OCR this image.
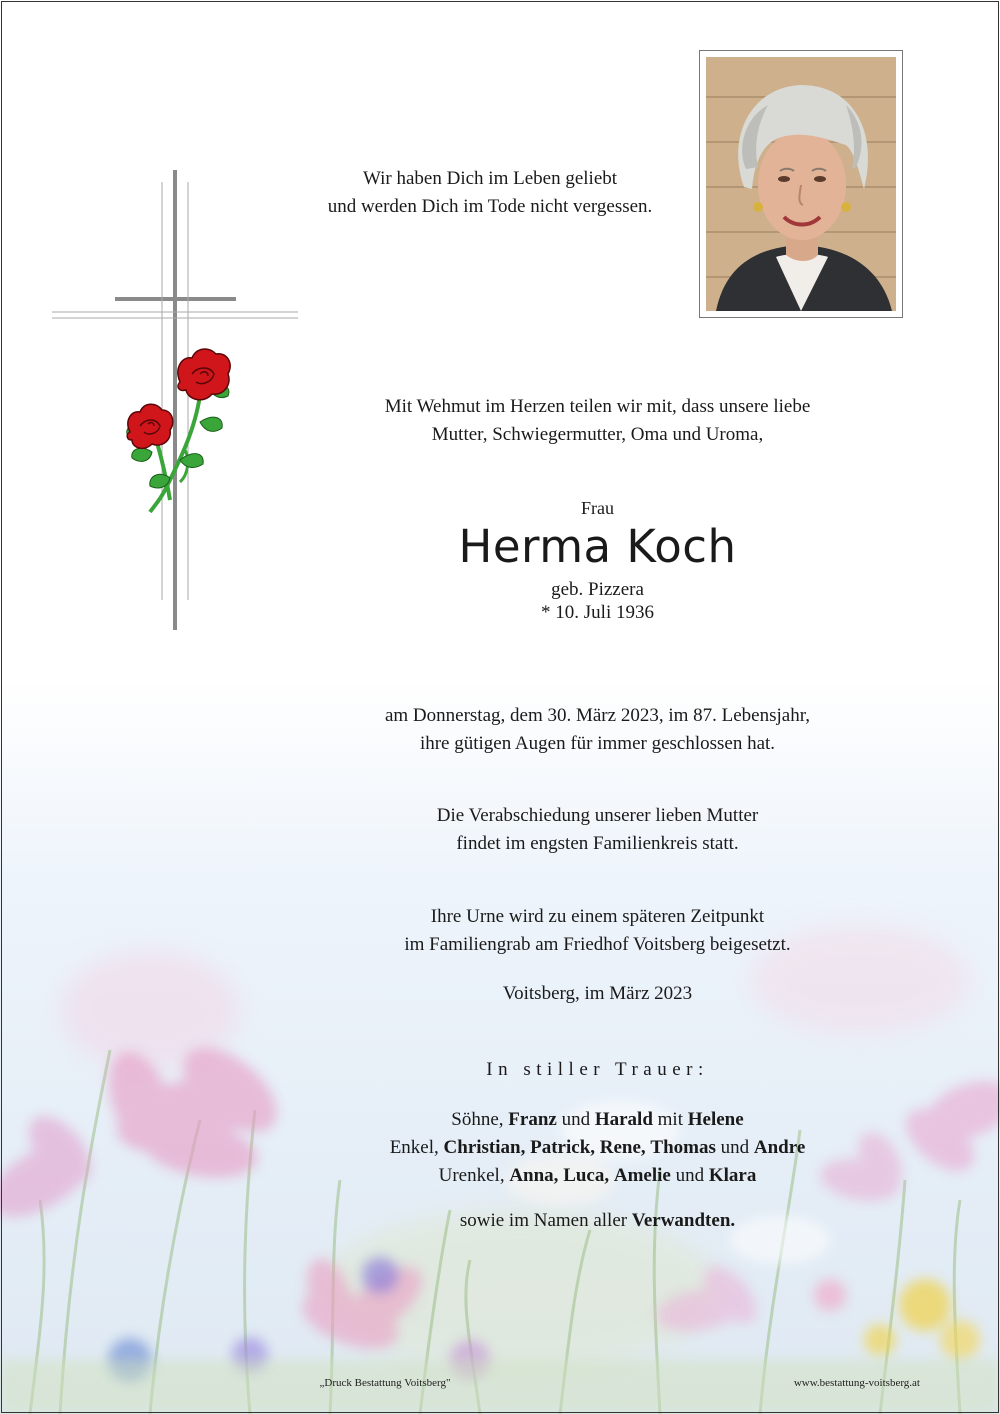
Wir haben Dich im Leben geliebt
und werden Dich im Tode nicht vergessen.
Mit Wehmut im Herzen teilen wir mit, dass unsere liebe
Mutter, Schwiegermutter, Oma und Uroma,
Frau
Herma Koch
geb. Pizzera
* 10. Juli 1936
am Donnerstag, dem 30. März 2023, im 87. Lebensjahr,
ihre gütigen Augen für immer geschlossen hat.
Die Verabschiedung unserer lieben Mutter
findet im engsten Familienkreis statt.
Ihre Urne wird zu einem späteren Zeitpunkt
im Familiengrab am Friedhof Voitsberg beigesetzt.
Voitsberg, im März 2023
In stiller Trauer:
Söhne, Franz und Harald mit Helene
Enkel, Christian, Patrick, Rene, Thomas und Andre
Urenkel, Anna, Luca, Amelie und Klara
sowie im Namen aller Verwandten.
„Druck Bestattung Voitsberg"	www.bestattung-voitsberg.at
